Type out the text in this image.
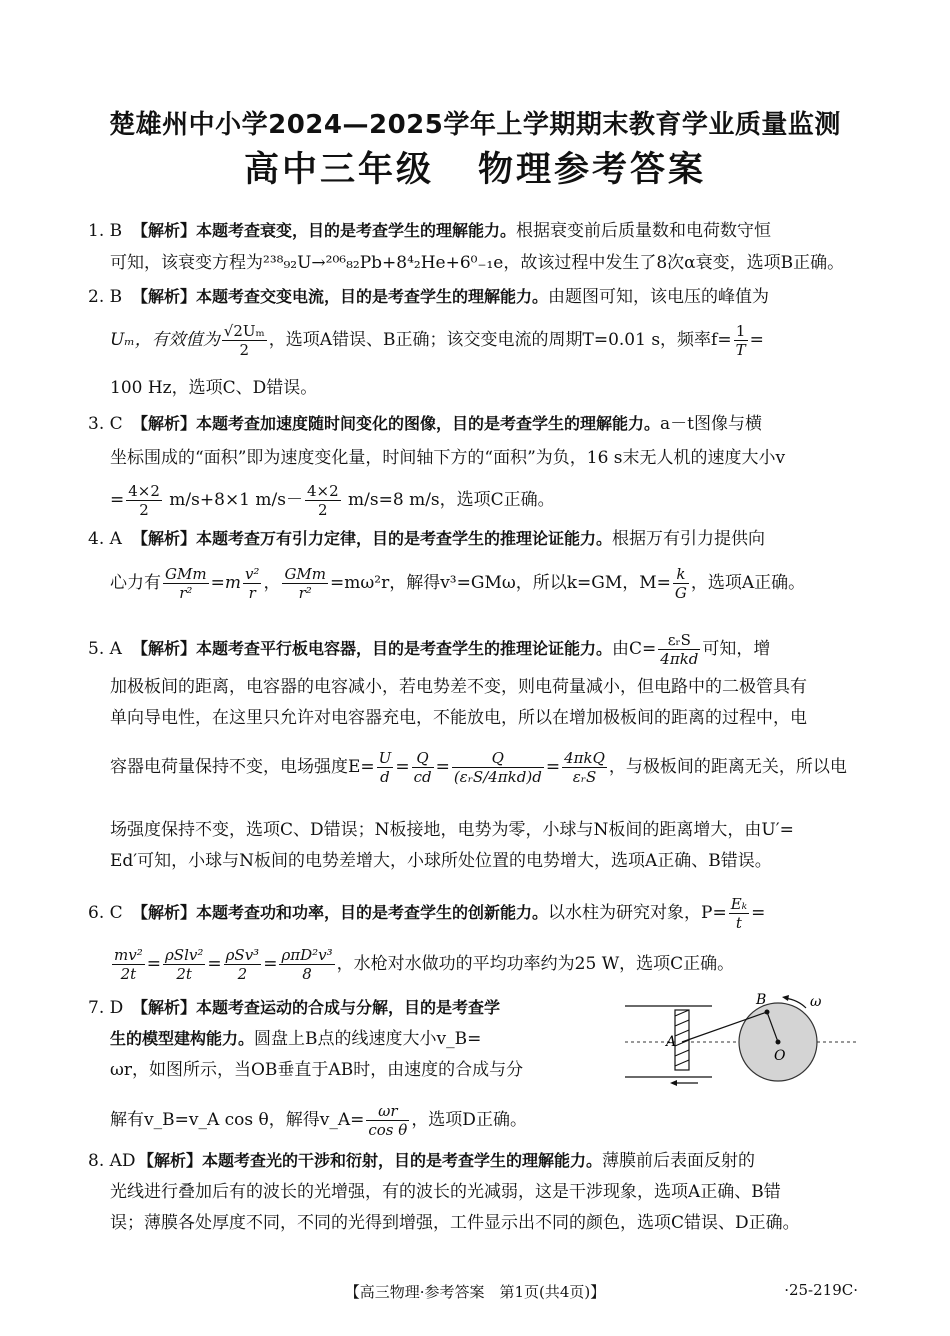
楚雄州中小学2024—2025学年上学期期末教育学业质量监测
高中三年级 物理参考答案
1. B 【解析】本题考查衰变，目的是考查学生的理解能力。根据衰变前后质量数和电荷数守恒
可知，该衰变方程为²³⁸₉₂U→²⁰⁶₈₂Pb+8⁴₂He+6⁰₋₁e，故该过程中发生了8次α衰变，选项B正确。
2. B 【解析】本题考查交变电流，目的是考查学生的理解能力。由题图可知，该电压的峰值为
Uₘ，有效值为 $\frac{\text{√2Uₘ}}{2}$ ，选项A错误、B正确；该交变电流的周期T=0.01 s，频率$f= \frac{1}{T}$ =
100 Hz，选项C、D错误。
3. C 【解析】本题考查加速度随时间变化的图像，目的是考查学生的理解能力。a－t图像与横
坐标围成的“面积”即为速度变化量，时间轴下方的“面积”为负，16 s末无人机的速度大小v
= $\frac{4\times 2}{2} m/s+8\times 1$ $m/s- \frac{4\times 2}{2} m/s=8$ m/s，选项C正确。
4. A 【解析】本题考查万有引力定律，目的是考查学生的推理论证能力。根据万有引力提供向
心力有 $\frac{\text{GMm}}{\text{r²}} =m \frac{\text{v²}}{r}$ ， $\frac{\text{GMm}}{\text{r²}} =m\omega^2r$，解得v³=GMω，所以k=GM，$M= \frac{k}{G}$ ，选项A正确。
5. A 【解析】本题考查平行板电容器，目的是考查学生的推理论证能力。由$C= \frac{\text{εᵣS}}{\text{4πkd}}$ 可知，增
加极板间的距离，电容器的电容减小，若电势差不变，则电荷量减小，但电路中的二极管具有
单向导电性，在这里只允许对电容器充电，不能放电，所以在增加极板间的距离的过程中，电
容器电荷量保持不变，电场强度$E= \frac{U}{d} = \frac{Q}{cd} = \frac{Q}{\text{(εᵣS/4πkd)d}} = \frac{\text{4πkQ}}{\text{εᵣS}}$ ，与极板间的距离无关，所以电
场强度保持不变，选项C、D错误；N板接地，电势为零，小球与N板间的距离增大，由U′=
Ed′可知，小球与N板间的电势差增大，小球所处位置的电势增大，选项A正确、B错误。
6. C 【解析】本题考查功和功率，目的是考查学生的创新能力。以水柱为研究对象，$P= \frac{\text{Eₖ}}{t}$ =
$\frac{\text{mv²}}{2t} = \frac{\text{ρSlv²}}{2t} = \frac{\text{ρSv³}}{2} = \frac{\text{ρπD²v³}}{8}$ ，水枪对水做功的平均功率约为25 W，选项C正确。
7. D 【解析】本题考查运动的合成与分解，目的是考查学
生的模型建构能力。圆盘上B点的线速度大小v_B=
ωr，如图所示，当OB垂直于AB时，由速度的合成与分
解有v_B=v_A cos θ，解得v_A= $\frac{\omega r}{\text{cos θ}}$ ，选项D正确。
A
B
O
ω
8. AD 【解析】本题考查光的干涉和衍射，目的是考查学生的理解能力。薄膜前后表面反射的
光线进行叠加后有的波长的光增强，有的波长的光减弱，这是干涉现象，选项A正确、B错
误；薄膜各处厚度不同，不同的光得到增强，工件显示出不同的颜色，选项C错误、D正确。
【高三物理·参考答案　第1页(共4页)】	·25-219C·
